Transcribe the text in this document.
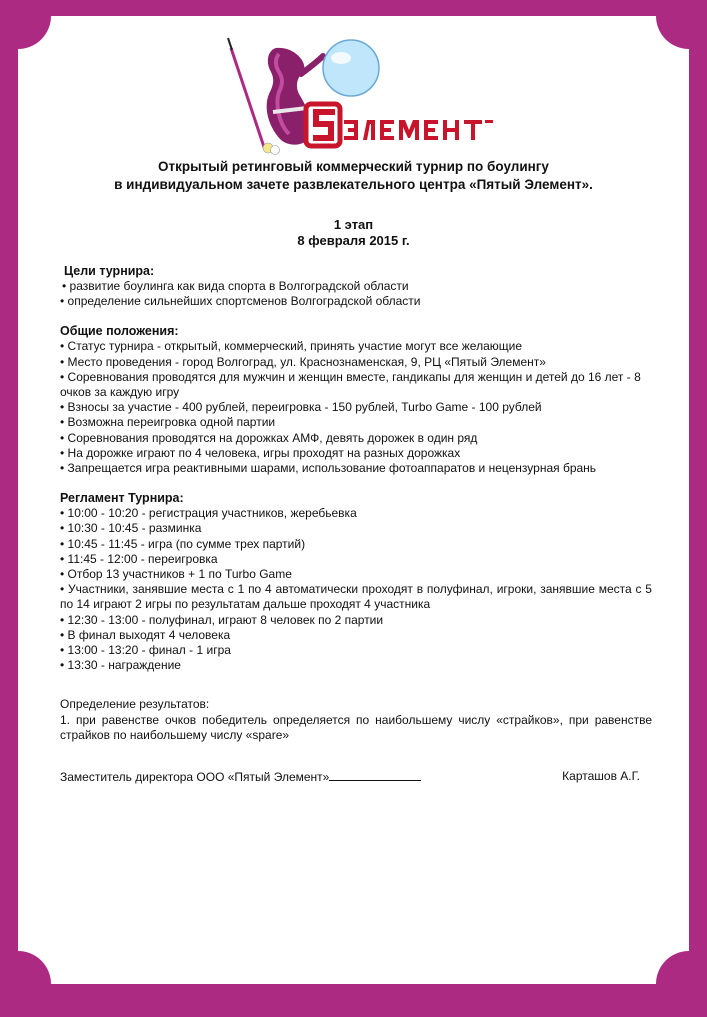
Открытый ретинговый коммерческий турнир по боулингу
в индивидуальном зачете развлекательного центра «Пятый Элемент».
1 этап
8 февраля 2015 г.
Цели турнира:
• развитие боулинга как вида спорта в Волгоградской области
• определение сильнейших спортсменов Волгоградской области
Общие положения:
• Статус турнира - открытый, коммерческий, принять участие могут все желающие
• Место проведения - город Волгоград, ул. Краснознаменская, 9, РЦ «Пятый Элемент»
• Соревнования проводятся для мужчин и женщин вместе, гандикапы для женщин и детей до 16 лет - 8 очков за каждую игру
• Взносы за участие - 400 рублей, переигровка - 150 рублей, Turbo Game - 100 рублей
• Возможна переигровка одной партии
• Соревнования проводятся на дорожках АМФ, девять дорожек в один ряд
• На дорожке играют по 4 человека, игры проходят на разных дорожках
• Запрещается игра реактивными шарами, использование фотоаппаратов и нецензурная брань
Регламент Турнира:
• 10:00 - 10:20 - регистрация участников, жеребьевка
• 10:30 - 10:45 - разминка
• 10:45 - 11:45 - игра (по сумме трех партий)
• 11:45 - 12:00 - переигровка
• Отбор 13 участников + 1 по Turbo Game
• Участники, занявшие места с 1 по 4 автоматически проходят в полуфинал, игроки, занявшие места с 5 по 14 играют 2 игры по результатам дальше проходят 4 участника
• 12:30 - 13:00 - полуфинал, играют 8 человек по 2 партии
• В финал выходят 4 человека
• 13:00 - 13:20 - финал - 1 игра
• 13:30 - награждение
Определение результатов:
1. при равенстве очков победитель определяется по наибольшему числу «страйков», при равенстве страйков по наибольшему числу «spare»
Заместитель директора ООО «Пятый Элемент»	Карташов А.Г.
